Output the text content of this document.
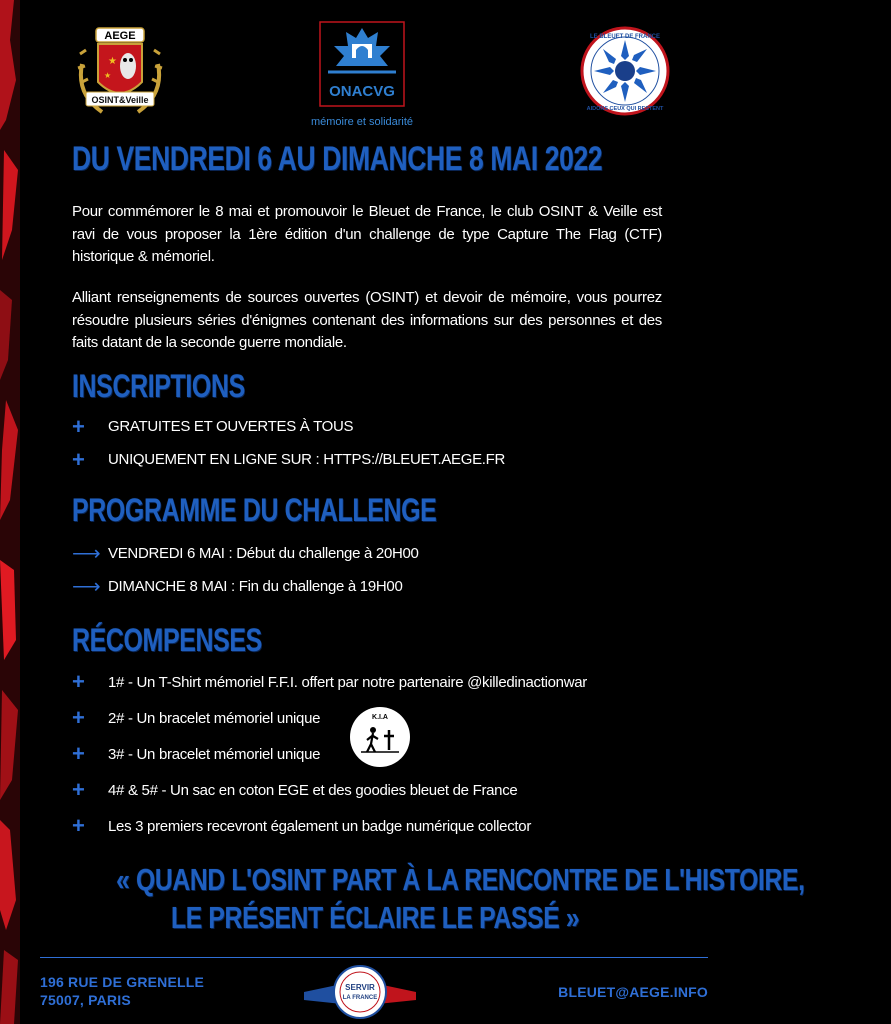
AEGE
★
★
OSINT&Veille	ONACVG
mémoire et solidarité
LE BLEUET DE FRANCE
AIDONS CEUX QUI RESTENT
DU VENDREDI 6 AU DIMANCHE 8 MAI 2022

Pour commémorer le 8 mai et promouvoir le Bleuet de France, le club OSINT & Veille est ravi de vous proposer la 1ère édition d'un challenge de type Capture The Flag (CTF) historique & mémoriel.

Alliant renseignements de sources ouvertes (OSINT) et devoir de mémoire, vous pourrez résoudre plusieurs séries d'énigmes contenant des informations sur des personnes et des faits datant de la seconde guerre mondiale.

INSCRIPTIONS
+	GRATUITES ET OUVERTES À TOUS
+	UNIQUEMENT EN LIGNE SUR : HTTPS://BLEUET.AEGE.FR
PROGRAMME DU CHALLENGE
⟶ VENDREDI 6 MAI : Début du challenge à 20H00
⟶ DIMANCHE 8 MAI : Fin du challenge à 19H00
RÉCOMPENSES
+	1# - Un T-Shirt mémoriel F.F.I. offert par notre partenaire @killedinactionwar
+	2# - Un bracelet mémoriel unique
+	3# - Un bracelet mémoriel unique
+	4# & 5# - Un sac en coton EGE et des goodies bleuet de France
+	Les 3 premiers recevront également un badge numérique collector
K.I.A
« QUAND L'OSINT PART À LA RENCONTRE DE L'HISTOIRE,
LE PRÉSENT ÉCLAIRE LE PASSÉ »
196 RUE DE GRENELLE
75007, PARIS
SERVIR
LA FRANCE	BLEUET@AEGE.INFO
